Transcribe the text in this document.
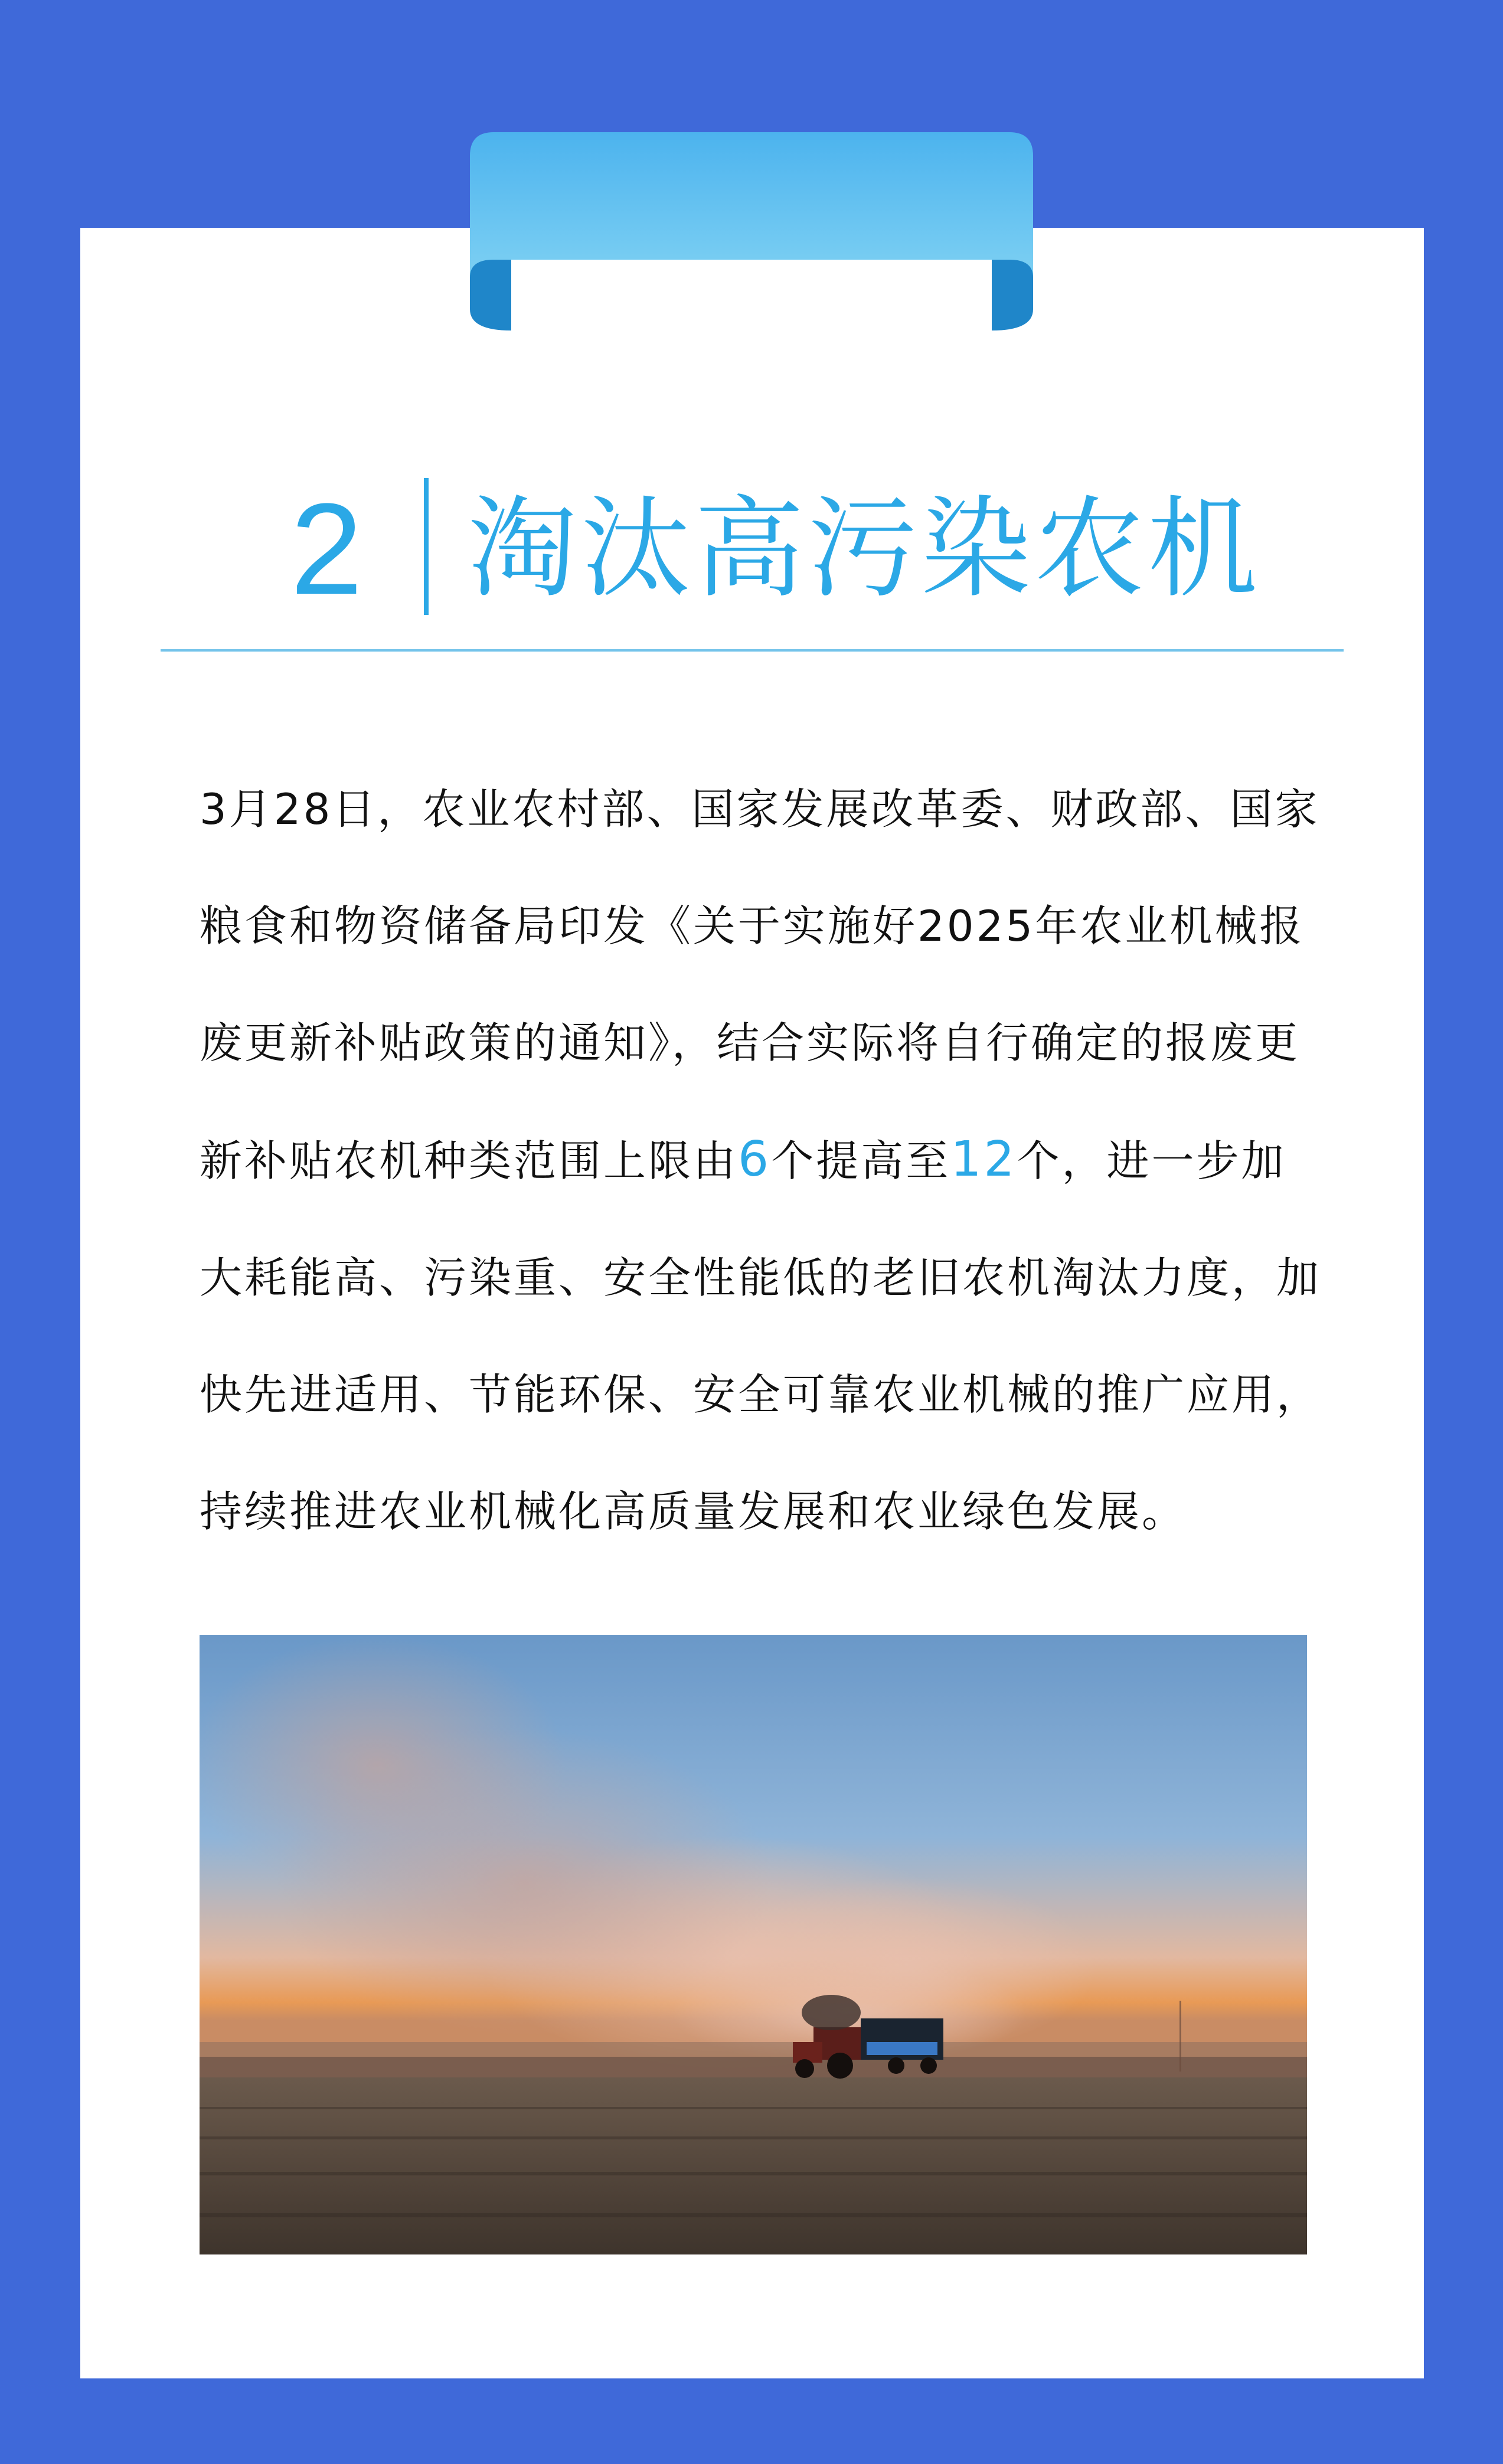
2 淘汰高污染农机
3月28日，农业农村部、国家发展改革委、财政部、国家粮食和物资储备局印发《关于实施好2025年农业机械报废更新补贴政策的通知》，结合实际将自行确定的报废更新补贴农机种类范围上限由6个提高至12个，进一步加大耗能高、污染重、安全性能低的老旧农机淘汰力度，加快先进适用、节能环保、安全可靠农业机械的推广应用，持续推进农业机械化高质量发展和农业绿色发展。
